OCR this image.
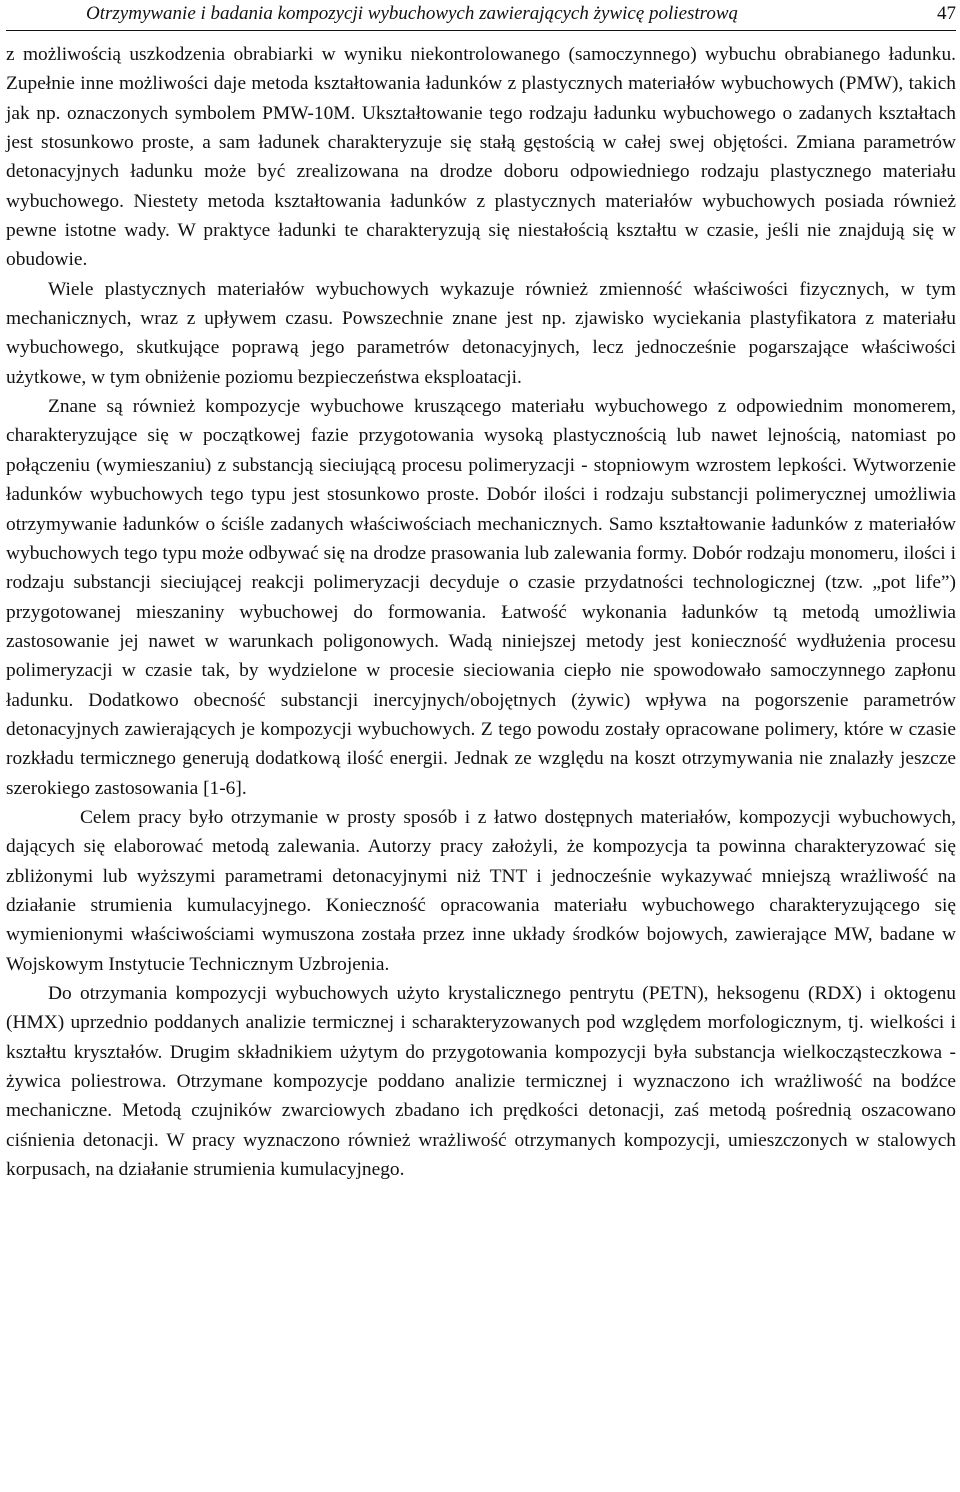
Otrzymywanie i badania kompozycji wybuchowych zawierających żywicę poliestrową	47

z możliwością uszkodzenia obrabiarki w wyniku niekontrolowanego (samoczynnego) wybuchu obrabianego ładunku. Zupełnie inne możliwości daje metoda kształtowania ładunków z plastycznych materiałów wybuchowych (PMW), takich jak np. oznaczonych symbolem PMW-10M. Ukształtowanie tego rodzaju ładunku wybuchowego o zadanych kształtach jest stosunkowo proste, a sam ładunek charakteryzuje się stałą gęstością w całej swej objętości. Zmiana parametrów detonacyjnych ładunku może być zrealizowana na drodze doboru odpowiedniego rodzaju plastycznego materiału wybuchowego. Niestety metoda kształtowania ładunków z plastycznych materiałów wybuchowych posiada również pewne istotne wady. W praktyce ładunki te charakteryzują się niestałością kształtu w czasie, jeśli nie znajdują się w obudowie.

Wiele plastycznych materiałów wybuchowych wykazuje również zmienność właściwości fizycznych, w tym mechanicznych, wraz z upływem czasu. Powszechnie znane jest np. zjawisko wyciekania plastyfikatora z materiału wybuchowego, skutkujące poprawą jego parametrów detonacyjnych, lecz jednocześnie pogarszające właściwości użytkowe, w tym obniżenie poziomu bezpieczeństwa eksploatacji.

Znane są również kompozycje wybuchowe kruszącego materiału wybuchowego z odpowiednim monomerem, charakteryzujące się w początkowej fazie przygotowania wysoką plastycznością lub nawet lejnością, natomiast po połączeniu (wymieszaniu) z substancją sieciującą procesu polimeryzacji - stopniowym wzrostem lepkości. Wytworzenie ładunków wybuchowych tego typu jest stosunkowo proste. Dobór ilości i rodzaju substancji polimerycznej umożliwia otrzymywanie ładunków o ściśle zadanych właściwościach mechanicznych. Samo kształtowanie ładunków z materiałów wybuchowych tego typu może odbywać się na drodze prasowania lub zalewania formy. Dobór rodzaju monomeru, ilości i rodzaju substancji sieciującej reakcji polimeryzacji decyduje o czasie przydatności technologicznej (tzw. „pot life”) przygotowanej mieszaniny wybuchowej do formowania. Łatwość wykonania ładunków tą metodą umożliwia zastosowanie jej nawet w warunkach poligonowych. Wadą niniejszej metody jest konieczność wydłużenia procesu polimeryzacji w czasie tak, by wydzielone w procesie sieciowania ciepło nie spowodowało samoczynnego zapłonu ładunku. Dodatkowo obecność substancji inercyjnych/obojętnych (żywic) wpływa na pogorszenie parametrów detonacyjnych zawierających je kompozycji wybuchowych. Z tego powodu zostały opracowane polimery, które w czasie rozkładu termicznego generują dodatkową ilość energii. Jednak ze względu na koszt otrzymywania nie znalazły jeszcze szerokiego zastosowania [1-6].

Celem pracy było otrzymanie w prosty sposób i z łatwo dostępnych materiałów, kompozycji wybuchowych, dających się elaborować metodą zalewania. Autorzy pracy założyli, że kompozycja ta powinna charakteryzować się zbliżonymi lub wyższymi parametrami detonacyjnymi niż TNT i jednocześnie wykazywać mniejszą wrażliwość na działanie strumienia kumulacyjnego. Konieczność opracowania materiału wybuchowego charakteryzującego się wymienionymi właściwościami wymuszona została przez inne układy środków bojowych, zawierające MW, badane w Wojskowym Instytucie Technicznym Uzbrojenia.

Do otrzymania kompozycji wybuchowych użyto krystalicznego pentrytu (PETN), heksogenu (RDX) i oktogenu (HMX) uprzednio poddanych analizie termicznej i scharakteryzowanych pod względem morfologicznym, tj. wielkości i kształtu kryształów. Drugim składnikiem użytym do przygotowania kompozycji była substancja wielkocząsteczkowa - żywica poliestrowa. Otrzymane kompozycje poddano analizie termicznej i wyznaczono ich wrażliwość na bodźce mechaniczne. Metodą czujników zwarciowych zbadano ich prędkości detonacji, zaś metodą pośrednią oszacowano ciśnienia detonacji. W pracy wyznaczono również wrażliwość otrzymanych kompozycji, umieszczonych w stalowych korpusach, na działanie strumienia kumulacyjnego.
